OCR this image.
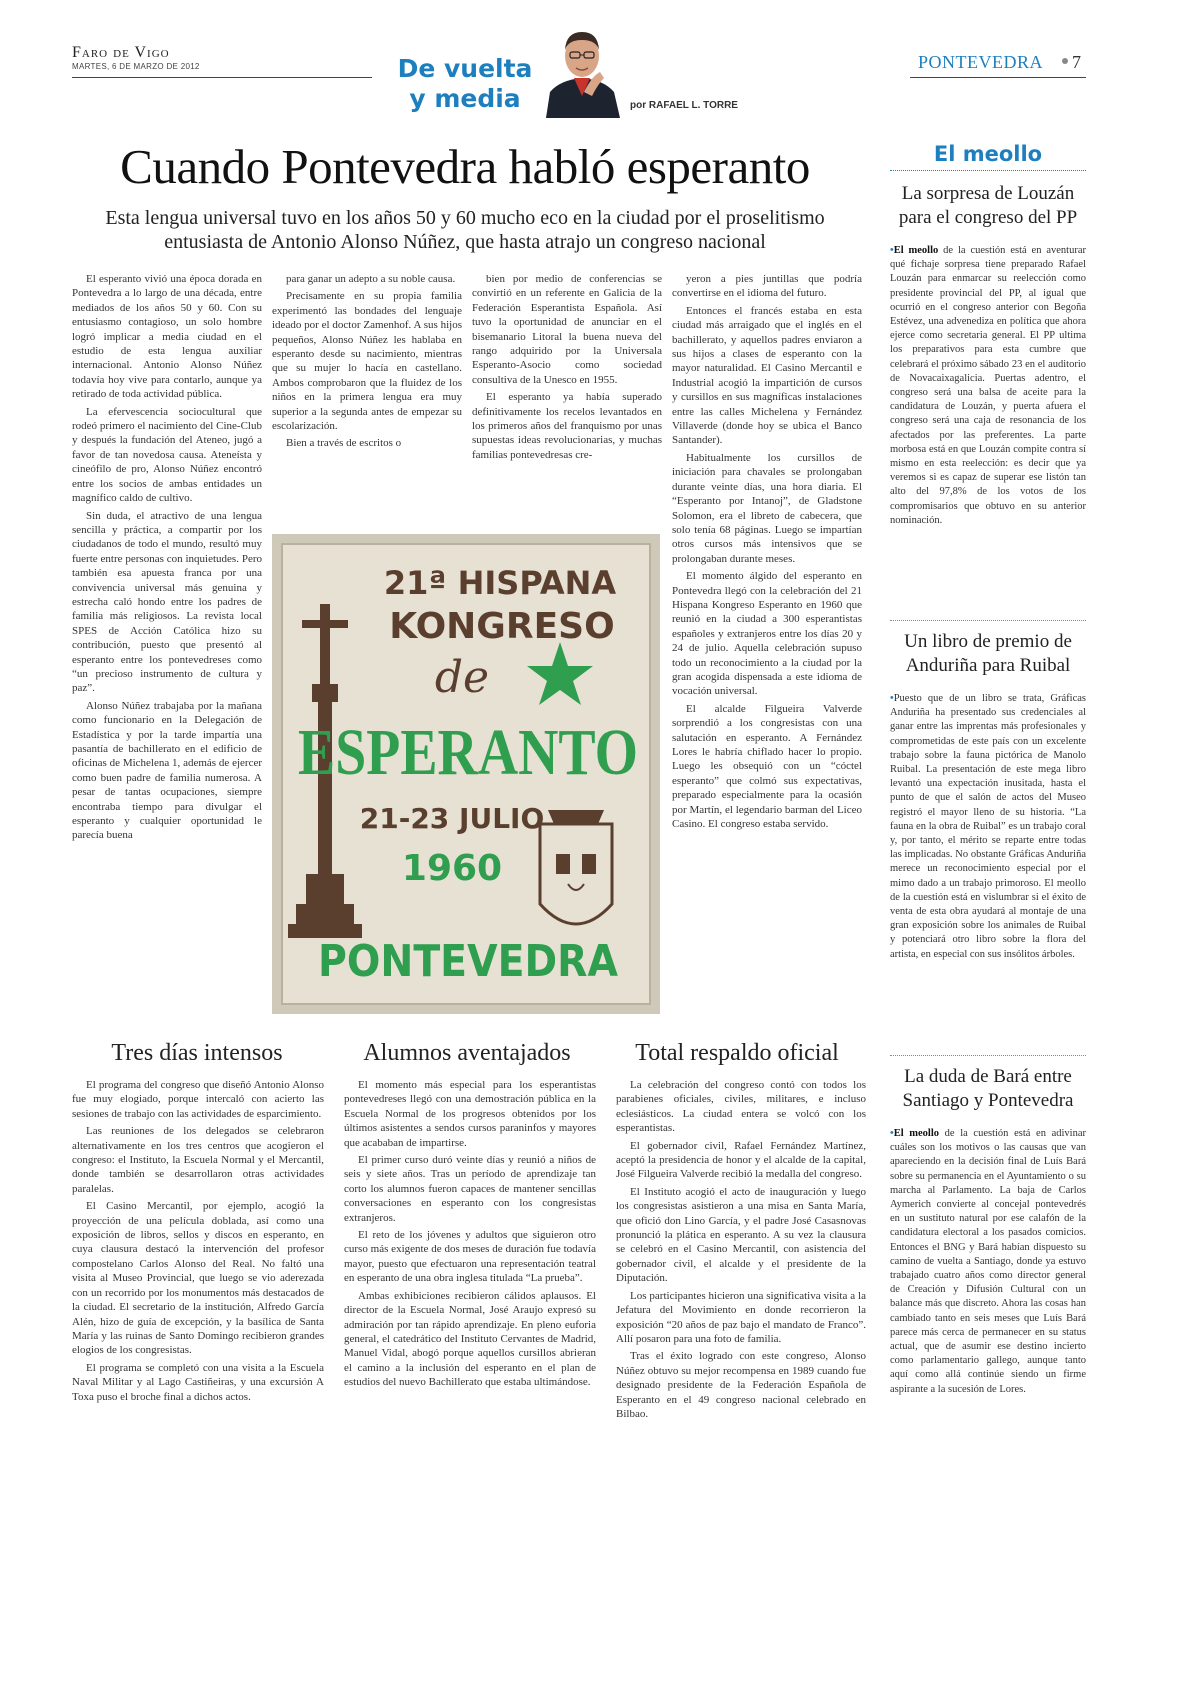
Faro de Vigo
MARTES, 6 DE MARZO DE 2012	De vuelta
y media	por RAFAEL L. TORRE
PONTEVEDRA 7
Cuando Pontevedra habló esperanto
Esta lengua universal tuvo en los años 50 y 60 mucho eco en la ciudad por el proselitismo entusiasta de Antonio Alonso Núñez, que hasta atrajo un congreso nacional

El esperanto vivió una época dorada en Pontevedra a lo largo de una década, entre mediados de los años 50 y 60. Con su entusiasmo contagioso, un solo hombre logró implicar a media ciudad en el estudio de esta lengua auxiliar internacional. Antonio Alonso Núñez todavía hoy vive para contarlo, aunque ya retirado de toda actividad pública.

La efervescencia sociocultural que rodeó primero el nacimiento del Cine-Club y después la fundación del Ateneo, jugó a favor de tan novedosa causa. Ateneísta y cineófilo de pro, Alonso Núñez encontró entre los socios de ambas entidades un magnífico caldo de cultivo.

Sin duda, el atractivo de una lengua sencilla y práctica, a compartir por los ciudadanos de todo el mundo, resultó muy fuerte entre personas con inquietudes. Pero también esa apuesta franca por una convivencia universal más genuina y estrecha caló hondo entre los padres de familia más religiosos. La revista local SPES de Acción Católica hizo su contribución, puesto que presentó al esperanto entre los pontevedreses como “un precioso instrumento de cultura y paz”.

Alonso Núñez trabajaba por la mañana como funcionario en la Delegación de Estadística y por la tarde impartía una pasantía de bachillerato en el edificio de oficinas de Michelena 1, además de ejercer como buen padre de familia numerosa. A pesar de tantas ocupaciones, siempre encontraba tiempo para divulgar el esperanto y cualquier oportunidad le parecía buena

para ganar un adepto a su noble causa.

Precisamente en su propia familia experimentó las bondades del lenguaje ideado por el doctor Zamenhof. A sus hijos pequeños, Alonso Núñez les hablaba en esperanto desde su nacimiento, mientras que su mujer lo hacía en castellano. Ambos comprobaron que la fluidez de los niños en la primera lengua era muy superior a la segunda antes de empezar su escolarización.

Bien a través de escritos o

bien por medio de conferencias se convirtió en un referente en Galicia de la Federación Esperantista Española. Así tuvo la oportunidad de anunciar en el bisemanario Litoral la buena nueva del rango adquirido por la Universala Esperanto-Asocio como sociedad consultiva de la Unesco en 1955.

El esperanto ya había superado definitivamente los recelos levantados en los primeros años del franquismo por unas supuestas ideas revolucionarias, y muchas familias pontevedresas cre-

yeron a pies juntillas que podría convertirse en el idioma del futuro.

Entonces el francés estaba en esta ciudad más arraigado que el inglés en el bachillerato, y aquellos padres enviaron a sus hijos a clases de esperanto con la mayor naturalidad. El Casino Mercantil e Industrial acogió la impartición de cursos y cursillos en sus magníficas instalaciones entre las calles Michelena y Fernández Villaverde (donde hoy se ubica el Banco Santander).

Habitualmente los cursillos de iniciación para chavales se prolongaban durante veinte días, una hora diaria. El “Esperanto por Intanoj”, de Gladstone Solomon, era el libreto de cabecera, que solo tenía 68 páginas. Luego se impartían otros cursos más intensivos que se prolongaban durante meses.

El momento álgido del esperanto en Pontevedra llegó con la celebración del 21 Hispana Kongreso Esperanto en 1960 que reunió en la ciudad a 300 esperantistas españoles y extranjeros entre los días 20 y 24 de julio. Aquella celebración supuso todo un reconocimiento a la ciudad por la gran acogida dispensada a este idioma de vocación universal.

El alcalde Filgueira Valverde sorprendió a los congresistas con una salutación en esperanto. A Fernández Lores le habría chiflado hacer lo propio. Luego les obsequió con un “cóctel esperanto” que colmó sus expectativas, preparado especialmente para la ocasión por Martín, el legendario barman del Liceo Casino. El congreso estaba servido.

21ª HISPANA
KONGRESO
de
ESPERANTO
21-23 JULIO
1960
PONTEVEDRA
Tres días intensos	Alumnos aventajados	Total respaldo oficial

El programa del congreso que diseñó Antonio Alonso fue muy elogiado, porque intercaló con acierto las sesiones de trabajo con las actividades de esparcimiento.

Las reuniones de los delegados se celebraron alternativamente en los tres centros que acogieron el congreso: el Instituto, la Escuela Normal y el Mercantil, donde también se desarrollaron otras actividades paralelas.

El Casino Mercantil, por ejemplo, acogió la proyección de una película doblada, así como una exposición de libros, sellos y discos en esperanto, en cuya clausura destacó la intervención del profesor compostelano Carlos Alonso del Real. No faltó una visita al Museo Provincial, que luego se vio aderezada con un recorrido por los monumentos más destacados de la ciudad. El secretario de la institución, Alfredo García Alén, hizo de guía de excepción, y la basílica de Santa María y las ruinas de Santo Domingo recibieron grandes elogios de los congresistas.

El programa se completó con una visita a la Escuela Naval Militar y al Lago Castiñeiras, y una excursión A Toxa puso el broche final a dichos actos.

El momento más especial para los esperantistas pontevedreses llegó con una demostración pública en la Escuela Normal de los progresos obtenidos por los últimos asistentes a sendos cursos paraninfos y mayores que acababan de impartirse.

El primer curso duró veinte días y reunió a niños de seis y siete años. Tras un período de aprendizaje tan corto los alumnos fueron capaces de mantener sencillas conversaciones en esperanto con los congresistas extranjeros.

El reto de los jóvenes y adultos que siguieron otro curso más exigente de dos meses de duración fue todavía mayor, puesto que efectuaron una representación teatral en esperanto de una obra inglesa titulada “La prueba”.

Ambas exhibiciones recibieron cálidos aplausos. El director de la Escuela Normal, José Araujo expresó su admiración por tan rápido aprendizaje. En pleno euforia general, el catedrático del Instituto Cervantes de Madrid, Manuel Vidal, abogó porque aquellos cursillos abrieran el camino a la inclusión del esperanto en el plan de estudios del nuevo Bachillerato que estaba ultimándose.

La celebración del congreso contó con todos los parabienes oficiales, civiles, militares, e incluso eclesiásticos. La ciudad entera se volcó con los esperantistas.

El gobernador civil, Rafael Fernández Martínez, aceptó la presidencia de honor y el alcalde de la capital, José Filgueira Valverde recibió la medalla del congreso.

El Instituto acogió el acto de inauguración y luego los congresistas asistieron a una misa en Santa María, que ofició don Lino García, y el padre José Casasnovas pronunció la plática en esperanto. A su vez la clausura se celebró en el Casino Mercantil, con asistencia del gobernador civil, el alcalde y el presidente de la Diputación.

Los participantes hicieron una significativa visita a la Jefatura del Movimiento en donde recorrieron la exposición “20 años de paz bajo el mandato de Franco”. Allí posaron para una foto de familia.

Tras el éxito logrado con este congreso, Alonso Núñez obtuvo su mejor recompensa en 1989 cuando fue designado presidente de la Federación Española de Esperanto en el 49 congreso nacional celebrado en Bilbao.

El meollo
La sorpresa de Louzán para el congreso del PP

•El meollo de la cuestión está en aventurar qué fichaje sorpresa tiene preparado Rafael Louzán para enmarcar su reelección como presidente provincial del PP, al igual que ocurrió en el congreso anterior con Begoña Estévez, una advenediza en política que ahora ejerce como secretaria general. El PP ultima los preparativos para esta cumbre que celebrará el próximo sábado 23 en el auditorio de Novacaixagalicia. Puertas adentro, el congreso será una balsa de aceite para la candidatura de Louzán, y puerta afuera el congreso será una caja de resonancia de los afectados por las preferentes. La parte morbosa está en que Louzán compite contra sí mismo en esta reelección: es decir que ya veremos si es capaz de superar ese listón tan alto del 97,8% de los votos de los compromisarios que obtuvo en su anterior nominación.

Un libro de premio de Anduriña para Ruibal

•Puesto que de un libro se trata, Gráficas Anduriña ha presentado sus credenciales al ganar entre las imprentas más profesionales y comprometidas de este país con un excelente trabajo sobre la fauna pictórica de Manolo Ruibal. La presentación de este mega libro levantó una expectación inusitada, hasta el punto de que el salón de actos del Museo registró el mayor lleno de su historia. “La fauna en la obra de Ruibal” es un trabajo coral y, por tanto, el mérito se reparte entre todas las implicadas. No obstante Gráficas Anduriña merece un reconocimiento especial por el mimo dado a un trabajo primoroso. El meollo de la cuestión está en vislumbrar si el éxito de venta de esta obra ayudará al montaje de una gran exposición sobre los animales de Ruibal y potenciará otro libro sobre la flora del artista, en especial con sus insólitos árboles.

La duda de Bará entre Santiago y Pontevedra

•El meollo de la cuestión está en adivinar cuáles son los motivos o las causas que van apareciendo en la decisión final de Luís Bará sobre su permanencia en el Ayuntamiento o su marcha al Parlamento. La baja de Carlos Aymerich convierte al concejal pontevedrés en un sustituto natural por ese calafón de la candidatura electoral a los pasados comicios. Entonces el BNG y Bará habían dispuesto su camino de vuelta a Santiago, donde ya estuvo trabajado cuatro años como director general de Creación y Difusión Cultural con un balance más que discreto. Ahora las cosas han cambiado tanto en seis meses que Luís Bará parece más cerca de permanecer en su status actual, que de asumir ese destino incierto como parlamentario gallego, aunque tanto aquí como allá continúe siendo un firme aspirante a la sucesión de Lores.
